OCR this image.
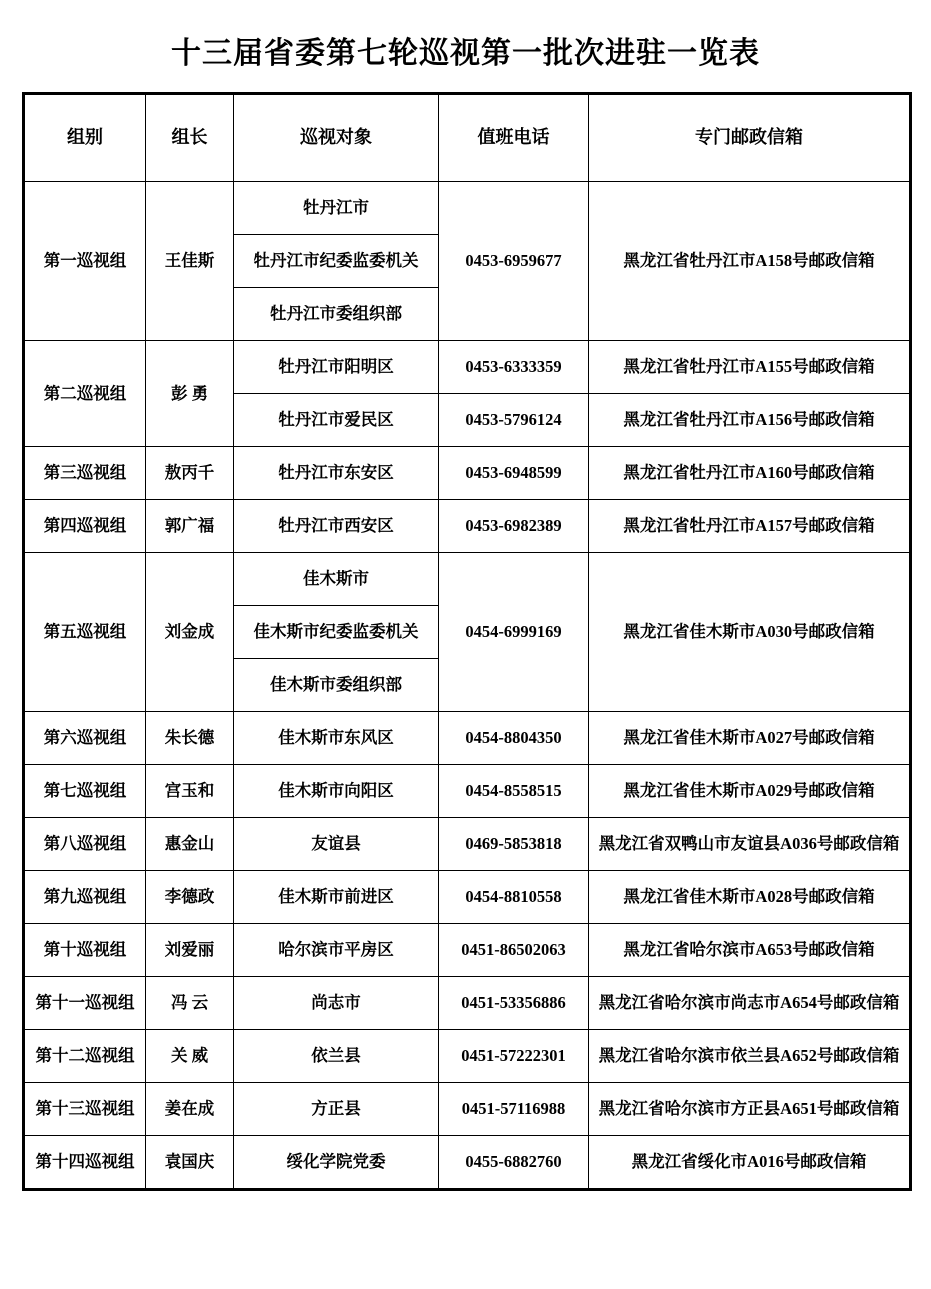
十三届省委第七轮巡视第一批次进驻一览表
组别	组长	巡视对象	值班电话	专门邮政信箱
第一巡视组	王佳斯	牡丹江市	0453-6959677	黑龙江省牡丹江市A158号邮政信箱
		牡丹江市纪委监委机关		
		牡丹江市委组织部		
第二巡视组	彭 勇	牡丹江市阳明区	0453-6333359	黑龙江省牡丹江市A155号邮政信箱
		牡丹江市爱民区	0453-5796124	黑龙江省牡丹江市A156号邮政信箱
第三巡视组	敖丙千	牡丹江市东安区	0453-6948599	黑龙江省牡丹江市A160号邮政信箱
第四巡视组	郭广福	牡丹江市西安区	0453-6982389	黑龙江省牡丹江市A157号邮政信箱
第五巡视组	刘金成	佳木斯市	0454-6999169	黑龙江省佳木斯市A030号邮政信箱
		佳木斯市纪委监委机关		
		佳木斯市委组织部		
第六巡视组	朱长德	佳木斯市东风区	0454-8804350	黑龙江省佳木斯市A027号邮政信箱
第七巡视组	宫玉和	佳木斯市向阳区	0454-8558515	黑龙江省佳木斯市A029号邮政信箱
第八巡视组	惠金山	友谊县	0469-5853818	黑龙江省双鸭山市友谊县A036号邮政信箱
第九巡视组	李德政	佳木斯市前进区	0454-8810558	黑龙江省佳木斯市A028号邮政信箱
第十巡视组	刘爱丽	哈尔滨市平房区	0451-86502063	黑龙江省哈尔滨市A653号邮政信箱
第十一巡视组	冯 云	尚志市	0451-53356886	黑龙江省哈尔滨市尚志市A654号邮政信箱
第十二巡视组	关 威	依兰县	0451-57222301	黑龙江省哈尔滨市依兰县A652号邮政信箱
第十三巡视组	姜在成	方正县	0451-57116988	黑龙江省哈尔滨市方正县A651号邮政信箱
第十四巡视组	袁国庆	绥化学院党委	0455-6882760	黑龙江省绥化市A016号邮政信箱
